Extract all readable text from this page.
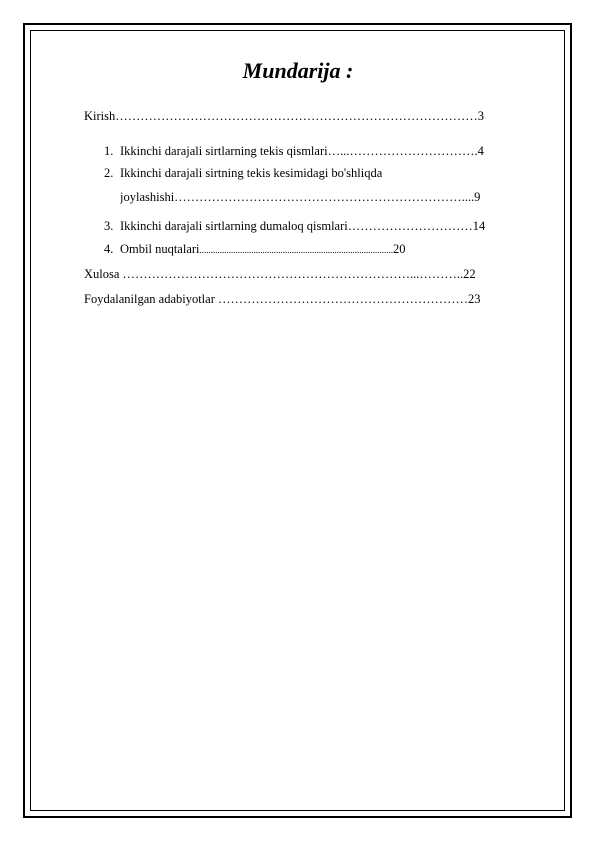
Mundarija :
Kirish……………………………………………………………………………3
1. Ikkinchi darajali sirtlarning tekis qismlari…...………………………….4
2. Ikkinchi darajali sirtning tekis kesimidagi bo'shliqda
joylashishi……………………………………………………………....9
3. Ikkinchi darajali sirtlarning dumaloq qismlari…………………………14
4. Ombil nuqtalari......................................................................................20
Xulosa ……………………………………………………………...………..22
Foydalanilgan adabiyotlar ……………………………………………………23
